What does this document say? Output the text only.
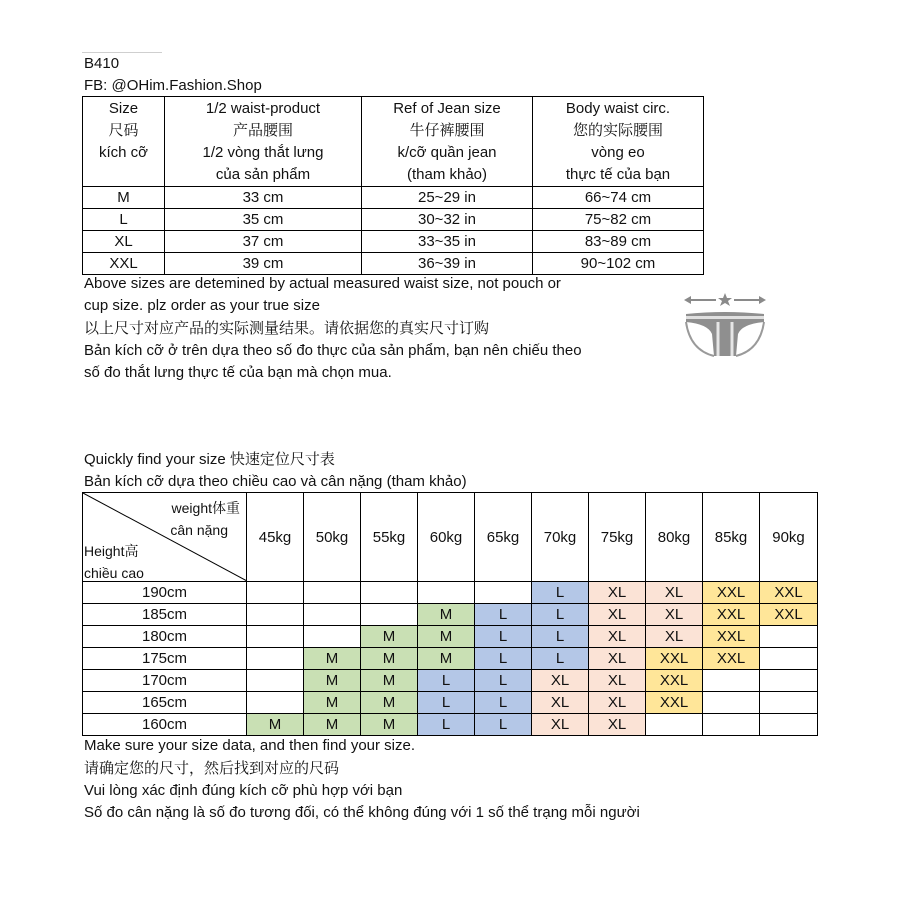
B410
FB: @OHim.Fashion.Shop
Size
尺码
kích cỡ

1/2 waist-product
产品腰围
1/2 vòng thắt lưng
của sản phẩm

Ref of Jean size
牛仔裤腰围
k/cỡ quần jean
(tham khảo)

Body waist circ.
您的实际腰围
vòng eo
thực tế của bạn

M	33 cm	25~29 in	66~74 cm
L	35 cm	30~32 in	75~82 cm
XL	37 cm	33~35 in	83~89 cm
XXL	39 cm	36~39 in	90~102 cm
Above sizes are detemined by actual measured waist size, not pouch or
cup size. plz order as your true size
以上尺寸对应产品的实际测量结果。请依据您的真实尺寸订购
Bản kích cỡ ở trên dựa theo số đo thực của sản phẩm, bạn nên chiếu theo
số đo thắt lưng thực tế của bạn mà chọn mua.
Quickly find your size 快速定位尺寸表
Bản kích cỡ dựa theo chiều cao và cân nặng (tham khảo)
weight体重
cân nặng
Height高
chiều cao	45kg	50kg	55kg	60kg	65kg	70kg	75kg	80kg	85kg	90kg
190cm						L	XL	XL	XXL	XXL
185cm				M	L	L	XL	XL	XXL	XXL
180cm			M	M	L	L	XL	XL	XXL	
175cm		M	M	M	L	L	XL	XXL	XXL	
170cm		M	M	L	L	XL	XL	XXL		
165cm		M	M	L	L	XL	XL	XXL		
160cm	M	M	M	L	L	XL	XL			
Make sure your size data, and then find your size.
请确定您的尺寸，然后找到对应的尺码
Vui lòng xác định đúng kích cỡ phù hợp với bạn
Số đo cân nặng là số đo tương đối, có thể không đúng với 1 số thể trạng mỗi người
